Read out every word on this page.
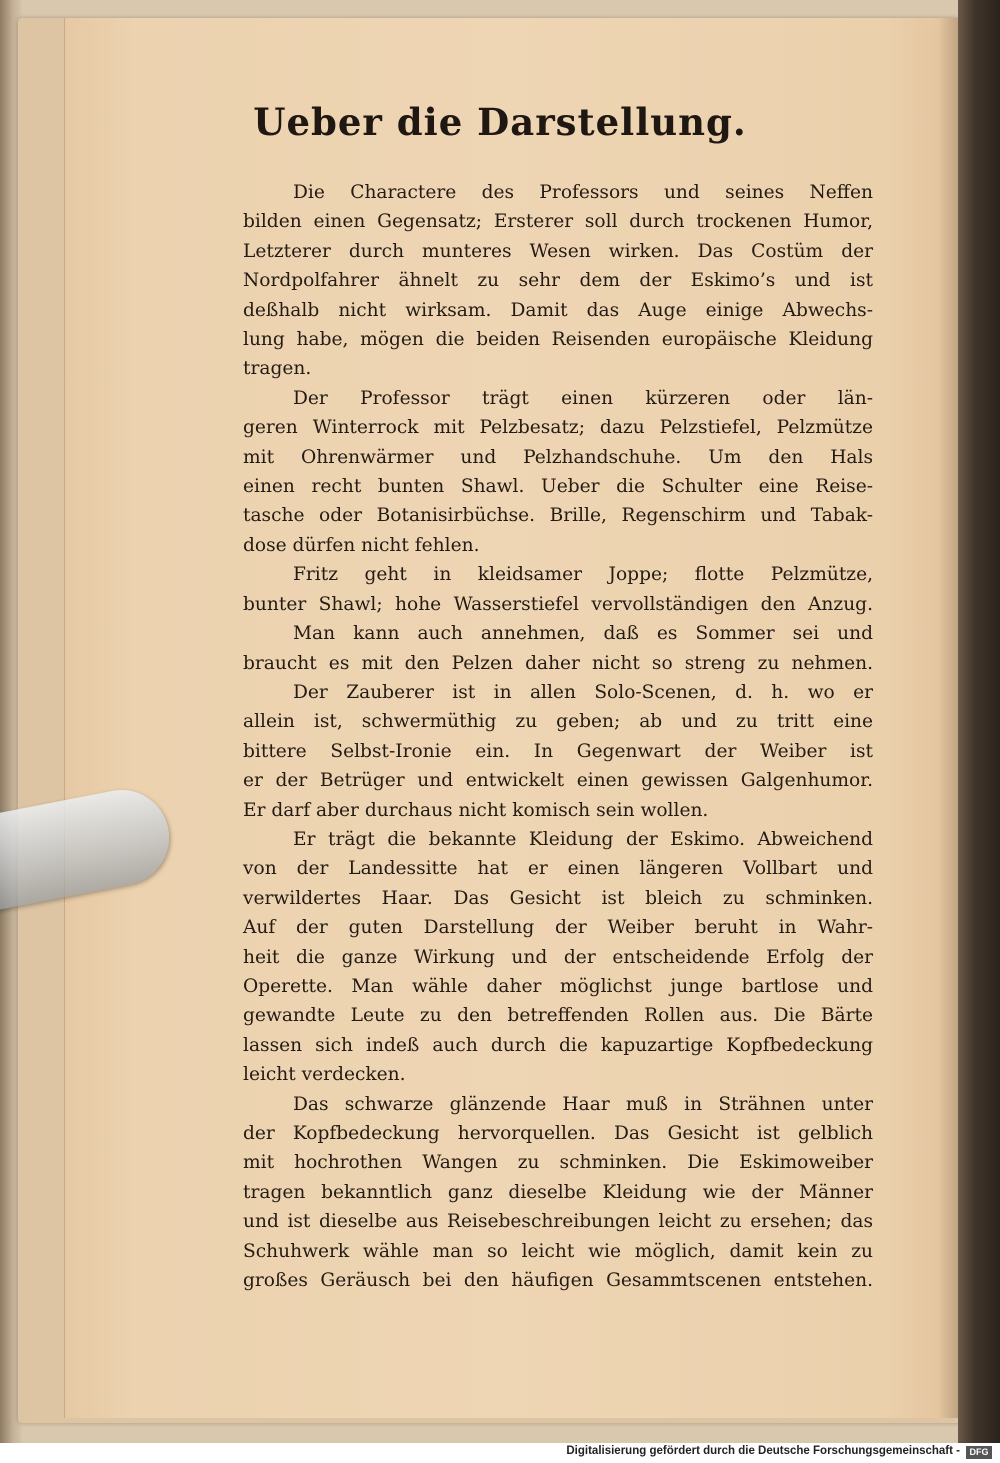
Ueber die Darstellung.
Die Charactere des Professors und seines Neffen
bilden einen Gegensatz; Ersterer soll durch trockenen Humor,
Letzterer durch munteres Wesen wirken. Das Costüm der
Nordpolfahrer ähnelt zu sehr dem der Eskimo’s und ist
deßhalb nicht wirksam. Damit das Auge einige Abwechs-
lung habe, mögen die beiden Reisenden europäische Kleidung
tragen.
Der Professor trägt einen kürzeren oder län-
geren Winterrock mit Pelzbesatz; dazu Pelzstiefel, Pelzmütze
mit Ohrenwärmer und Pelzhandschuhe. Um den Hals
einen recht bunten Shawl. Ueber die Schulter eine Reise-
tasche oder Botanisirbüchse. Brille, Regenschirm und Tabak-
dose dürfen nicht fehlen.
Fritz geht in kleidsamer Joppe; flotte Pelzmütze,
bunter Shawl; hohe Wasserstiefel vervollständigen den Anzug.
Man kann auch annehmen, daß es Sommer sei und
braucht es mit den Pelzen daher nicht so streng zu nehmen.
Der Zauberer ist in allen Solo-Scenen, d. h. wo er
allein ist, schwermüthig zu geben; ab und zu tritt eine
bittere Selbst-Ironie ein. In Gegenwart der Weiber ist
er der Betrüger und entwickelt einen gewissen Galgenhumor.
Er darf aber durchaus nicht komisch sein wollen.
Er trägt die bekannte Kleidung der Eskimo. Abweichend
von der Landessitte hat er einen längeren Vollbart und
verwildertes Haar. Das Gesicht ist bleich zu schminken.
Auf der guten Darstellung der Weiber beruht in Wahr-
heit die ganze Wirkung und der entscheidende Erfolg der
Operette. Man wähle daher möglichst junge bartlose und
gewandte Leute zu den betreffenden Rollen aus. Die Bärte
lassen sich indeß auch durch die kapuzartige Kopfbedeckung
leicht verdecken.
Das schwarze glänzende Haar muß in Strähnen unter
der Kopfbedeckung hervorquellen. Das Gesicht ist gelblich
mit hochrothen Wangen zu schminken. Die Eskimoweiber
tragen bekanntlich ganz dieselbe Kleidung wie der Männer
und ist dieselbe aus Reisebeschreibungen leicht zu ersehen; das
Schuhwerk wähle man so leicht wie möglich, damit kein zu
großes Geräusch bei den häufigen Gesammtscenen entstehen.
Digitalisierung gefördert durch die Deutsche Forschungsgemeinschaft -	DFG
